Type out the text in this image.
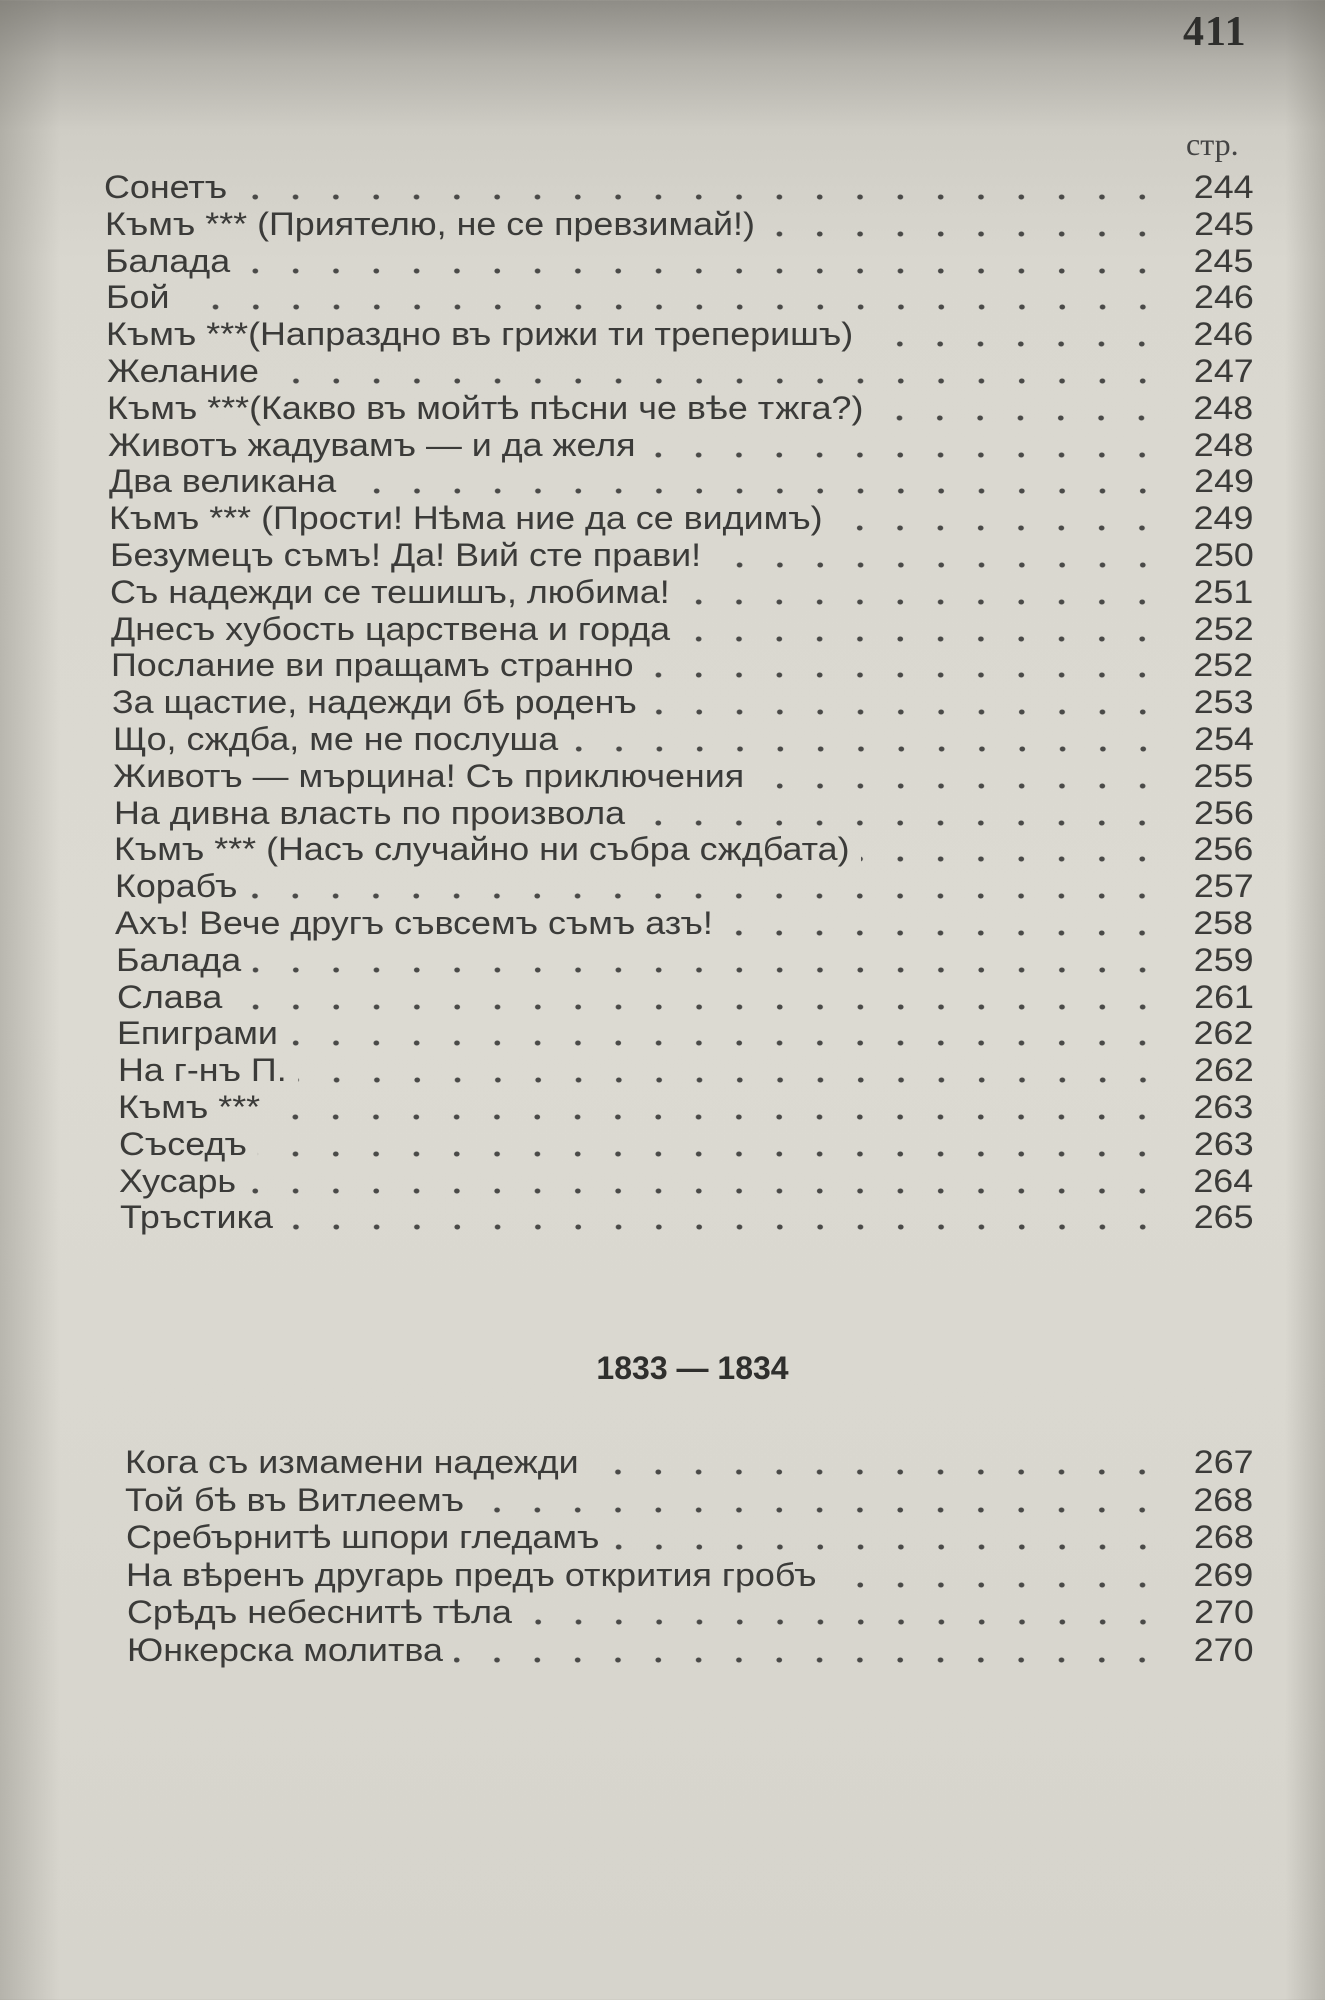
411
стр.
Сонетъ	244
Къмъ *** (Приятелю, не се превзимай!)	245
Балада	245
Бой	246
Къмъ ***(Напраздно въ грижи ти треперишъ)	246
Желание	247
Къмъ ***(Какво въ мойтѣ пѣсни че вѣе тжга?)	248
Животъ жадувамъ — и да желя	248
Два великана	249
Къмъ *** (Прости! Нѣма ние да се видимъ)	249
Безумецъ съмъ! Да! Вий сте прави!	250
Съ надежди се тешишъ, любима!	251
Днесъ хубость царствена и горда	252
Послание ви пращамъ странно	252
За щастие, надежди бѣ роденъ	253
Що, сждба, ме не послуша	254
Животъ — мърцина! Съ приключения	255
На дивна власть по произвола	256
Къмъ *** (Насъ случайно ни събра сждбата)	256
Корабъ	257
Ахъ! Вече другъ съвсемъ съмъ азъ!	258
Балада	259
Слава	261
Епиграми	262
На г-нъ П.	262
Къмъ ***	263
Съседъ	263
Хусарь	264
Тръстика	265
1833 — 1834
Кога съ измамени надежди	267
Той бѣ въ Витлеемъ	268
Сребърнитѣ шпори гледамъ	268
На вѣренъ другарь предъ открития гробъ	269
Срѣдъ небеснитѣ тѣла	270
Юнкерска молитва	270
